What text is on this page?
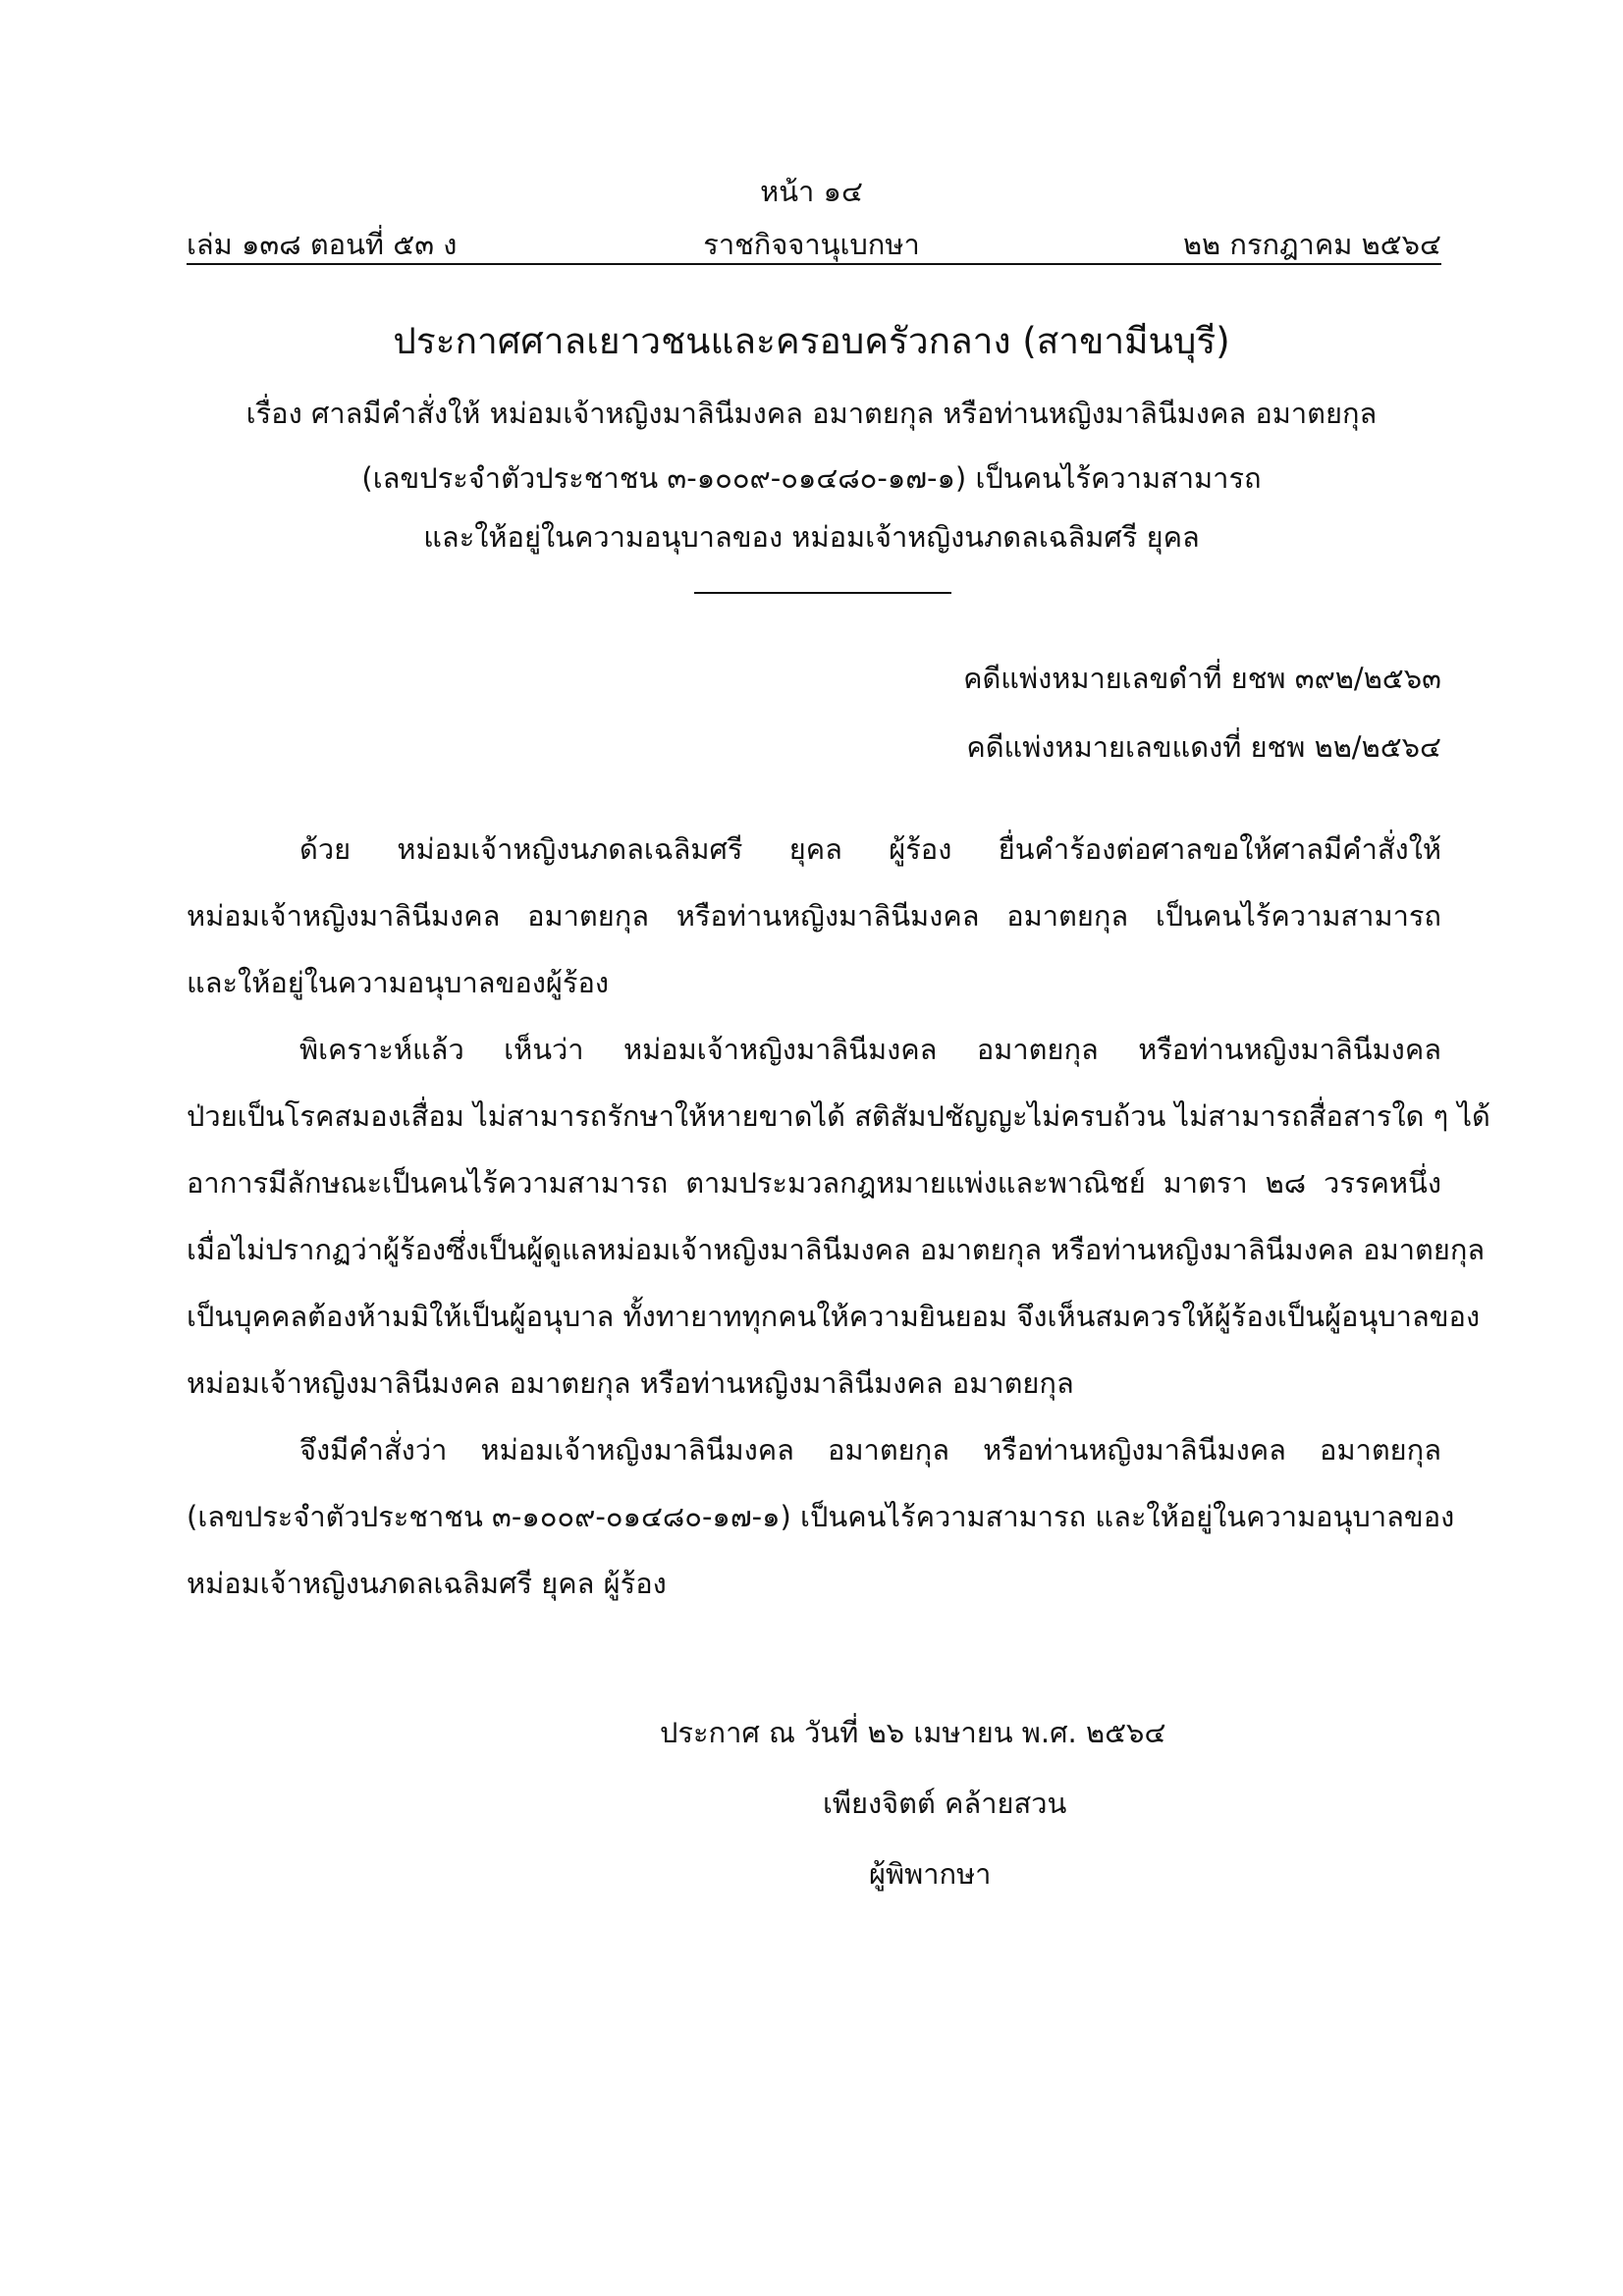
หน้า ๑๔
เล่ม ๑๓๘ ตอนที่ ๕๓ ง	ราชกิจจานุเบกษา	๒๒ กรกฎาคม ๒๕๖๔
ประกาศศาลเยาวชนและครอบครัวกลาง (สาขามีนบุรี)
เรื่อง ศาลมีคำสั่งให้ หม่อมเจ้าหญิงมาลินีมงคล อมาตยกุล หรือท่านหญิงมาลินีมงคล อมาตยกุล
(เลขประจำตัวประชาชน ๓-๑๐๐๙-๐๑๔๘๐-๑๗-๑) เป็นคนไร้ความสามารถ
และให้อยู่ในความอนุบาลของ หม่อมเจ้าหญิงนภดลเฉลิมศรี ยุคล
คดีแพ่งหมายเลขดำที่ ยชพ ๓๙๒/๒๕๖๓
คดีแพ่งหมายเลขแดงที่ ยชพ ๒๒/๒๕๖๔
ด้วย หม่อมเจ้าหญิงนภดลเฉลิมศรี ยุคล ผู้ร้อง ยื่นคำร้องต่อศาลขอให้ศาลมีคำสั่งให้
หม่อมเจ้าหญิงมาลินีมงคล อมาตยกุล หรือท่านหญิงมาลินีมงคล อมาตยกุล เป็นคนไร้ความสามารถ
และให้อยู่ในความอนุบาลของผู้ร้อง
พิเคราะห์แล้ว เห็นว่า หม่อมเจ้าหญิงมาลินีมงคล อมาตยกุล หรือท่านหญิงมาลินีมงคล
ป่วยเป็นโรคสมองเสื่อม ไม่สามารถรักษาให้หายขาดได้ สติสัมปชัญญะไม่ครบถ้วน ไม่สามารถสื่อสารใด ๆ ได้
อาการมีลักษณะเป็นคนไร้ความสามารถ ตามประมวลกฎหมายแพ่งและพาณิชย์ มาตรา ๒๘ วรรคหนึ่ง
เมื่อไม่ปรากฏว่าผู้ร้องซึ่งเป็นผู้ดูแลหม่อมเจ้าหญิงมาลินีมงคล อมาตยกุล หรือท่านหญิงมาลินีมงคล อมาตยกุล
เป็นบุคคลต้องห้ามมิให้เป็นผู้อนุบาล ทั้งทายาททุกคนให้ความยินยอม จึงเห็นสมควรให้ผู้ร้องเป็นผู้อนุบาลของ
หม่อมเจ้าหญิงมาลินีมงคล อมาตยกุล หรือท่านหญิงมาลินีมงคล อมาตยกุล
จึงมีคำสั่งว่า หม่อมเจ้าหญิงมาลินีมงคล อมาตยกุล หรือท่านหญิงมาลินีมงคล อมาตยกุล
(เลขประจำตัวประชาชน ๓-๑๐๐๙-๐๑๔๘๐-๑๗-๑) เป็นคนไร้ความสามารถ และให้อยู่ในความอนุบาลของ
หม่อมเจ้าหญิงนภดลเฉลิมศรี ยุคล ผู้ร้อง
ประกาศ ณ วันที่ ๒๖ เมษายน พ.ศ. ๒๕๖๔
เพียงจิตต์ คล้ายสวน
ผู้พิพากษา
